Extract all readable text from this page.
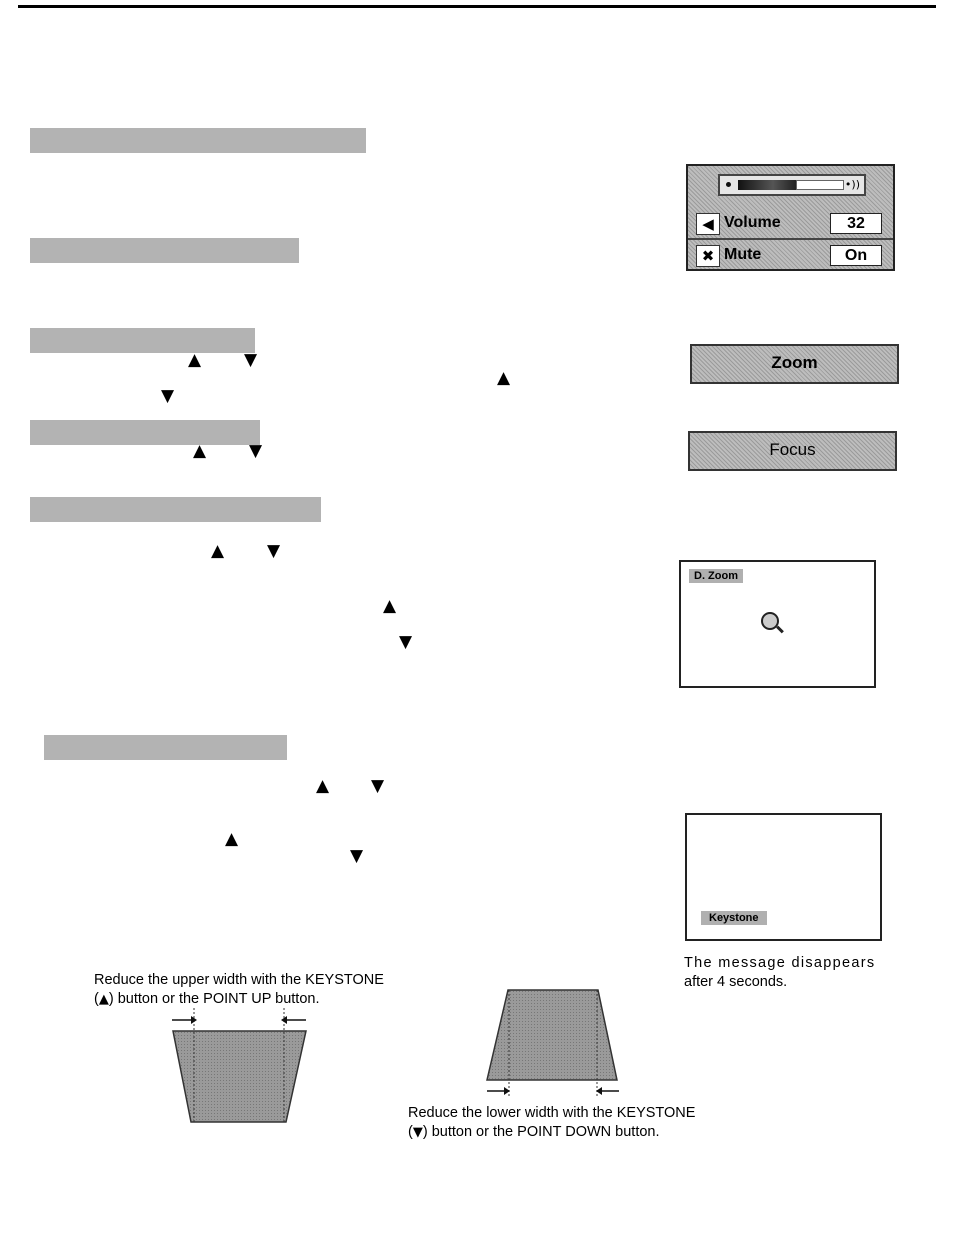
▲	▼
▲
▼
▲	▼
▲	▼
▲
▼
▲ ▼
▲
▼
•))
◀ Volume	32
✖ Mute	On
Zoom
Focus
D. Zoom
Keystone
The message disappears
after 4 seconds.
Reduce the upper width with the KEYSTONE
(▲) button or the POINT UP button.
Reduce the lower width with the KEYSTONE
(▼) button or the POINT DOWN button.
